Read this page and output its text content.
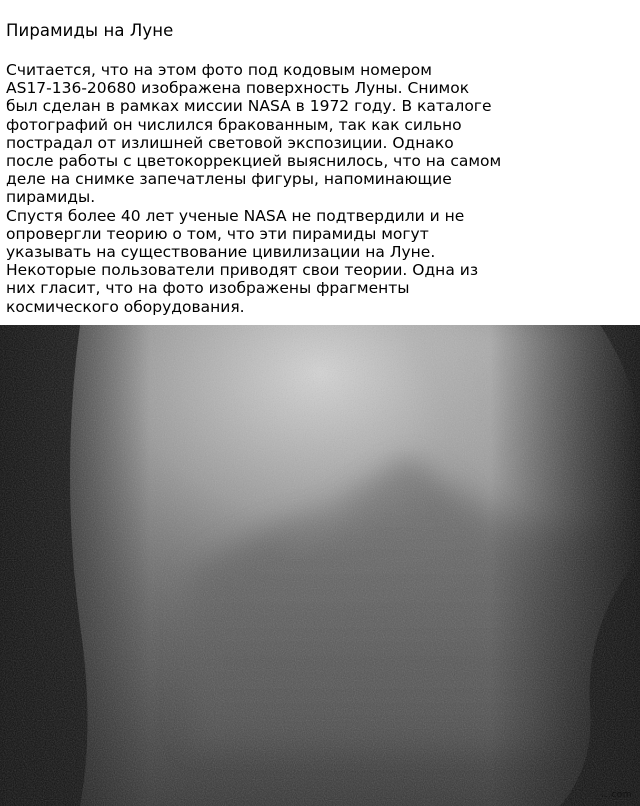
Пирамиды на Луне
Считается, что на этом фото под кодовым номером
AS17-136-20680 изображена поверхность Луны. Снимок
был сделан в рамках миссии NASA в 1972 году. В каталоге
фотографий он числился бракованным, так как сильно
пострадал от излишней световой экспозиции. Однако
после работы с цветокоррекцией выяснилось, что на самом
деле на снимке запечатлены фигуры, напоминающие
пирамиды.
Спустя более 40 лет ученые NASA не подтвердили и не
опровергли теорию о том, что эти пирамиды могут
указывать на существование цивилизации на Луне.
Некоторые пользователи приводят свои теории. Одна из
них гласит, что на фото изображены фрагменты
космического оборудования.
...com
